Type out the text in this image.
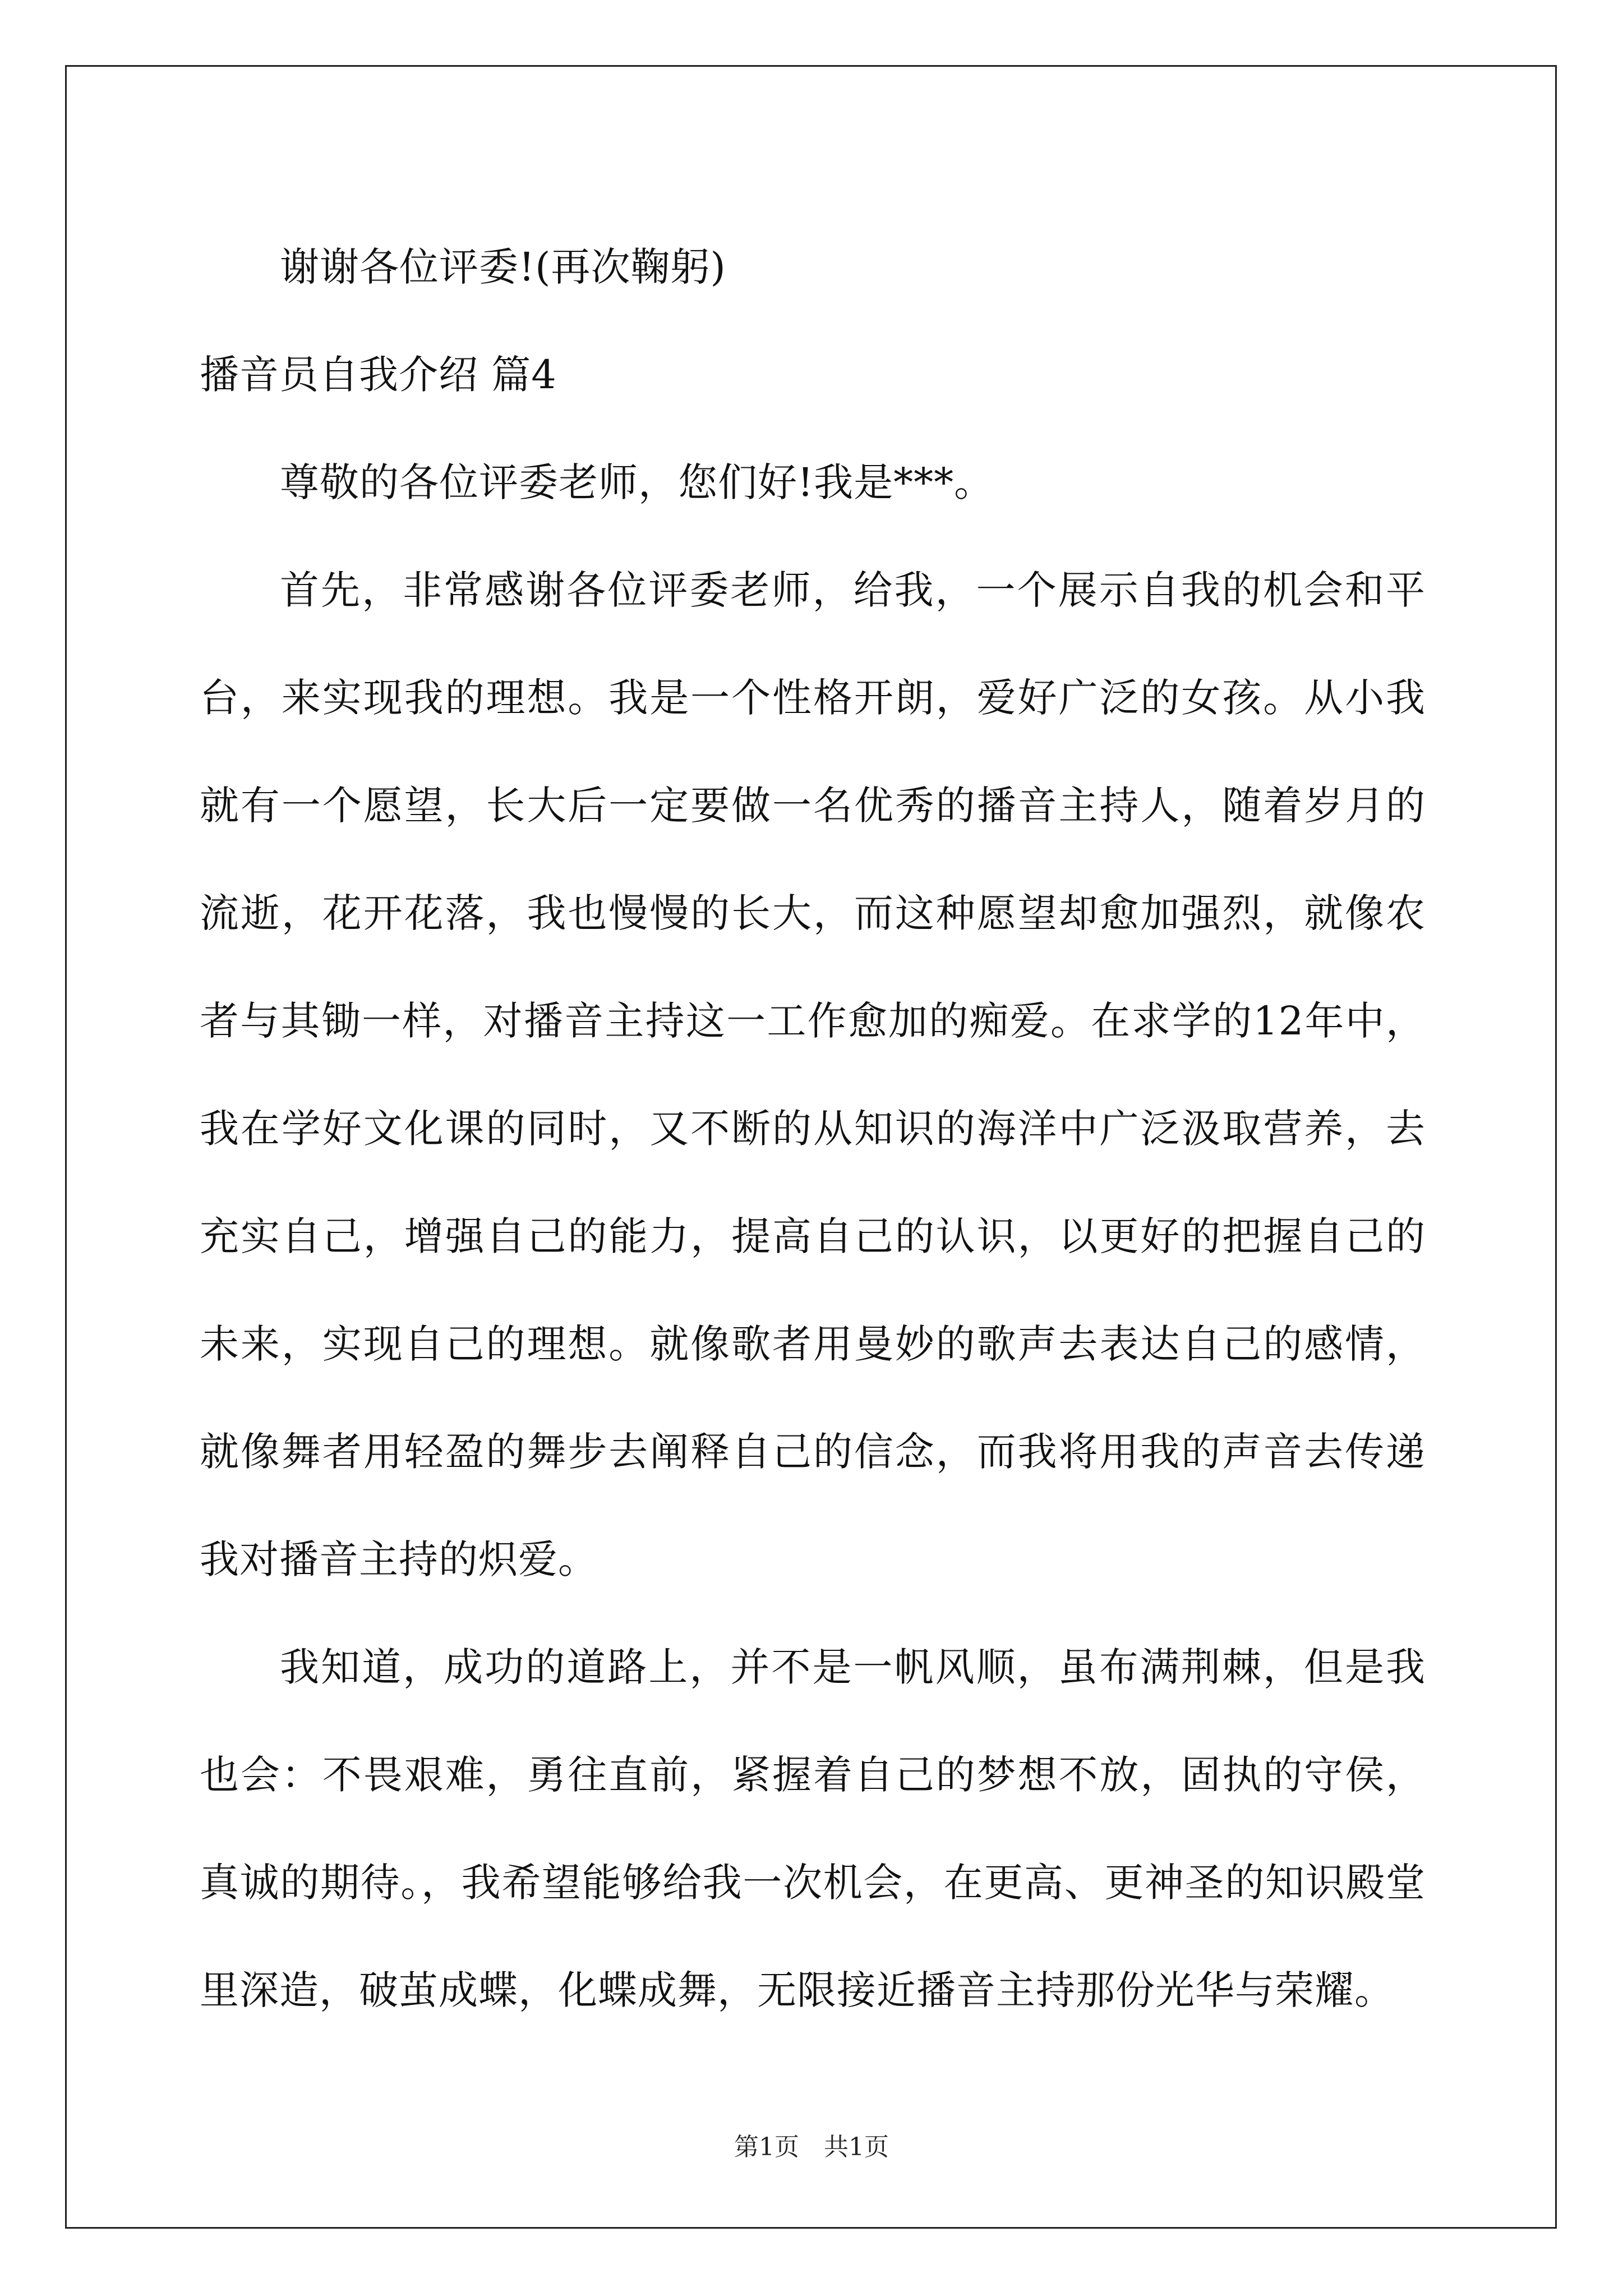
谢谢各位评委!(再次鞠躬)

播音员自我介绍 篇4

尊敬的各位评委老师，您们好!我是***。

首先，非常感谢各位评委老师，给我，一个展示自我的机会和平台，来实现我的理想。我是一个性格开朗，爱好广泛的女孩。从小我就有一个愿望，长大后一定要做一名优秀的播音主持人，随着岁月的流逝，花开花落，我也慢慢的长大，而这种愿望却愈加强烈，就像农者与其锄一样，对播音主持这一工作愈加的痴爱。在求学的12年中，我在学好文化课的同时，又不断的从知识的海洋中广泛汲取营养，去充实自己，增强自己的能力，提高自己的认识，以更好的把握自己的未来，实现自己的理想。就像歌者用曼妙的歌声去表达自己的感情，就像舞者用轻盈的舞步去阐释自己的信念，而我将用我的声音去传递我对播音主持的炽爱。

我知道，成功的道路上，并不是一帆风顺，虽布满荆棘，但是我也会：不畏艰难，勇往直前，紧握着自己的梦想不放，固执的守侯，真诚的期待。，我希望能够给我一次机会，在更高、更神圣的知识殿堂里深造，破茧成蝶，化蝶成舞，无限接近播音主持那份光华与荣耀。

第1页　共1页
